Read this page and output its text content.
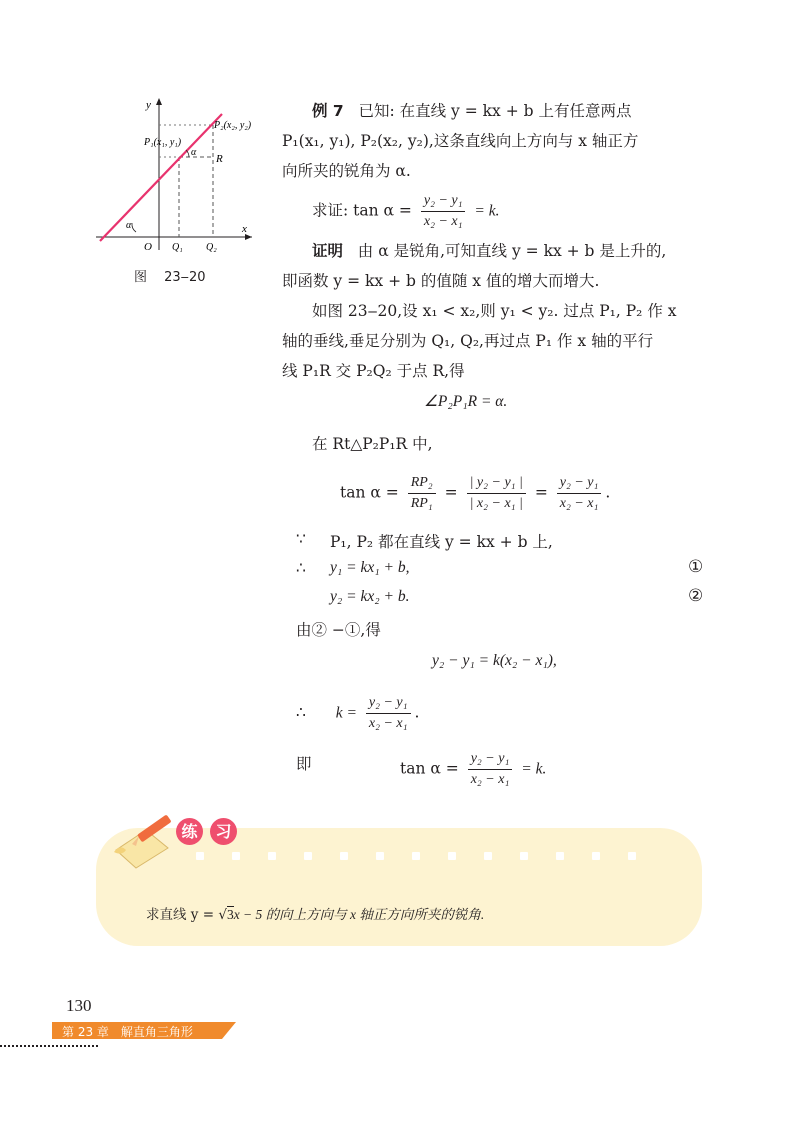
y
x
O
P₁(x₁, y₁)
P₂(x₂, y₂)
R
Q₁ Q₂
α
α
图　 23‒20
例 7 已知: 在直线 y = kx + b 上有任意两点
P₁(x₁, y₁), P₂(x₂, y₂),这条直线向上方向与 x 轴正方
向所夹的锐角为 α.
求证: $\tan \alpha = \frac{\text{y₂ − y₁}}{\text{x₂ − x₁}} = k$.
证明 由 α 是锐角,可知直线 y = kx + b 是上升的,
即函数 y = kx + b 的值随 x 值的增大而增大.
如图 23‒20,设 x₁ < x₂,则 y₁ < y₂. 过点 P₁, P₂ 作 x
轴的垂线,垂足分别为 Q₁, Q₂,再过点 P₁ 作 x 轴的平行
线 P₁R 交 P₂Q₂ 于点 R,得
∠P₂P₁R = α.
在 Rt△P₂P₁R 中,
$\tan \alpha = \frac{\text{RP₂}}{\text{RP₁}} = \frac{\text{| y₂ − y₁ |}}{\text{| x₂ − x₁ |}} = \frac{\text{y₂ − y₁}}{\text{x₂ − x₁}}$ .
∵ P₁, P₂ 都在直线 y = kx + b 上,
∴ y₁ = kx₁ + b,	①
y₂ = kx₂ + b.	②
由② −①,得
y₂ − y₁ = k(x₂ − x₁),
∴ $k = \frac{\text{y₂ − y₁}}{\text{x₂ − x₁}}$ .
即	$\tan \alpha = \frac{\text{y₂ − y₁}}{\text{x₂ − x₁}} = k$.
练	习
求直线 y = √3x − 5 的向上方向与 x 轴正方向所夹的锐角.
130
第 23 章　解直角三角形
